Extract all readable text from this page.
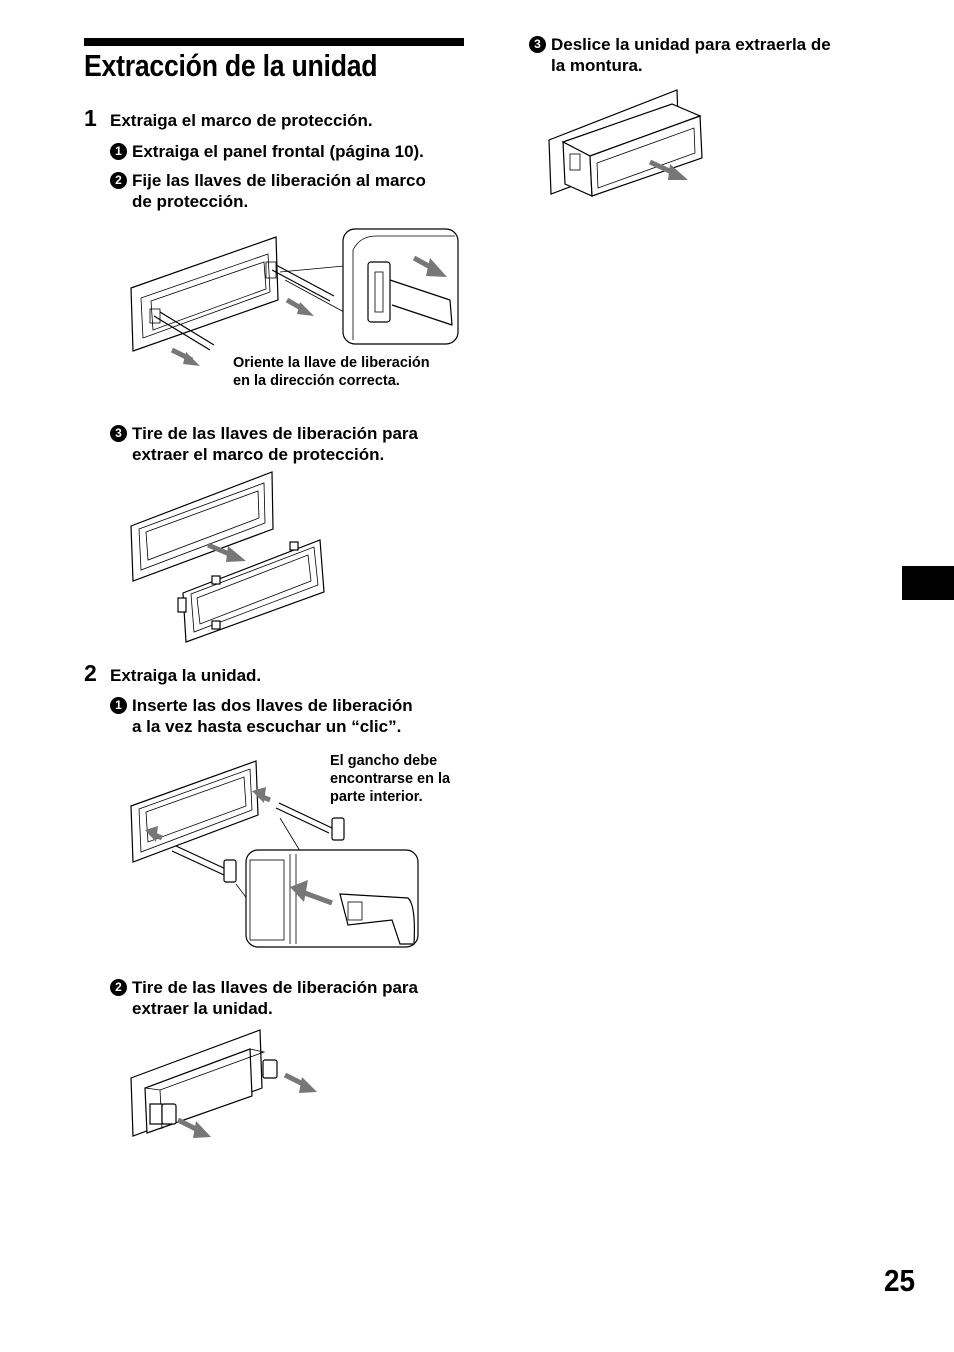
Extracción de la unidad
1 Extraiga el marco de protección.
1 Extraiga el panel frontal (página 10).
2 Fije las llaves de liberación al marco
de protección.
Oriente la llave de liberación
en la dirección correcta.
3 Tire de las llaves de liberación para
extraer el marco de protección.
2 Extraiga la unidad.
1 Inserte las dos llaves de liberación
a la vez hasta escuchar un “clic”.
El gancho debe
encontrarse en la
parte interior.
2 Tire de las llaves de liberación para
extraer la unidad.
3 Deslice la unidad para extraerla de
la montura.
25
